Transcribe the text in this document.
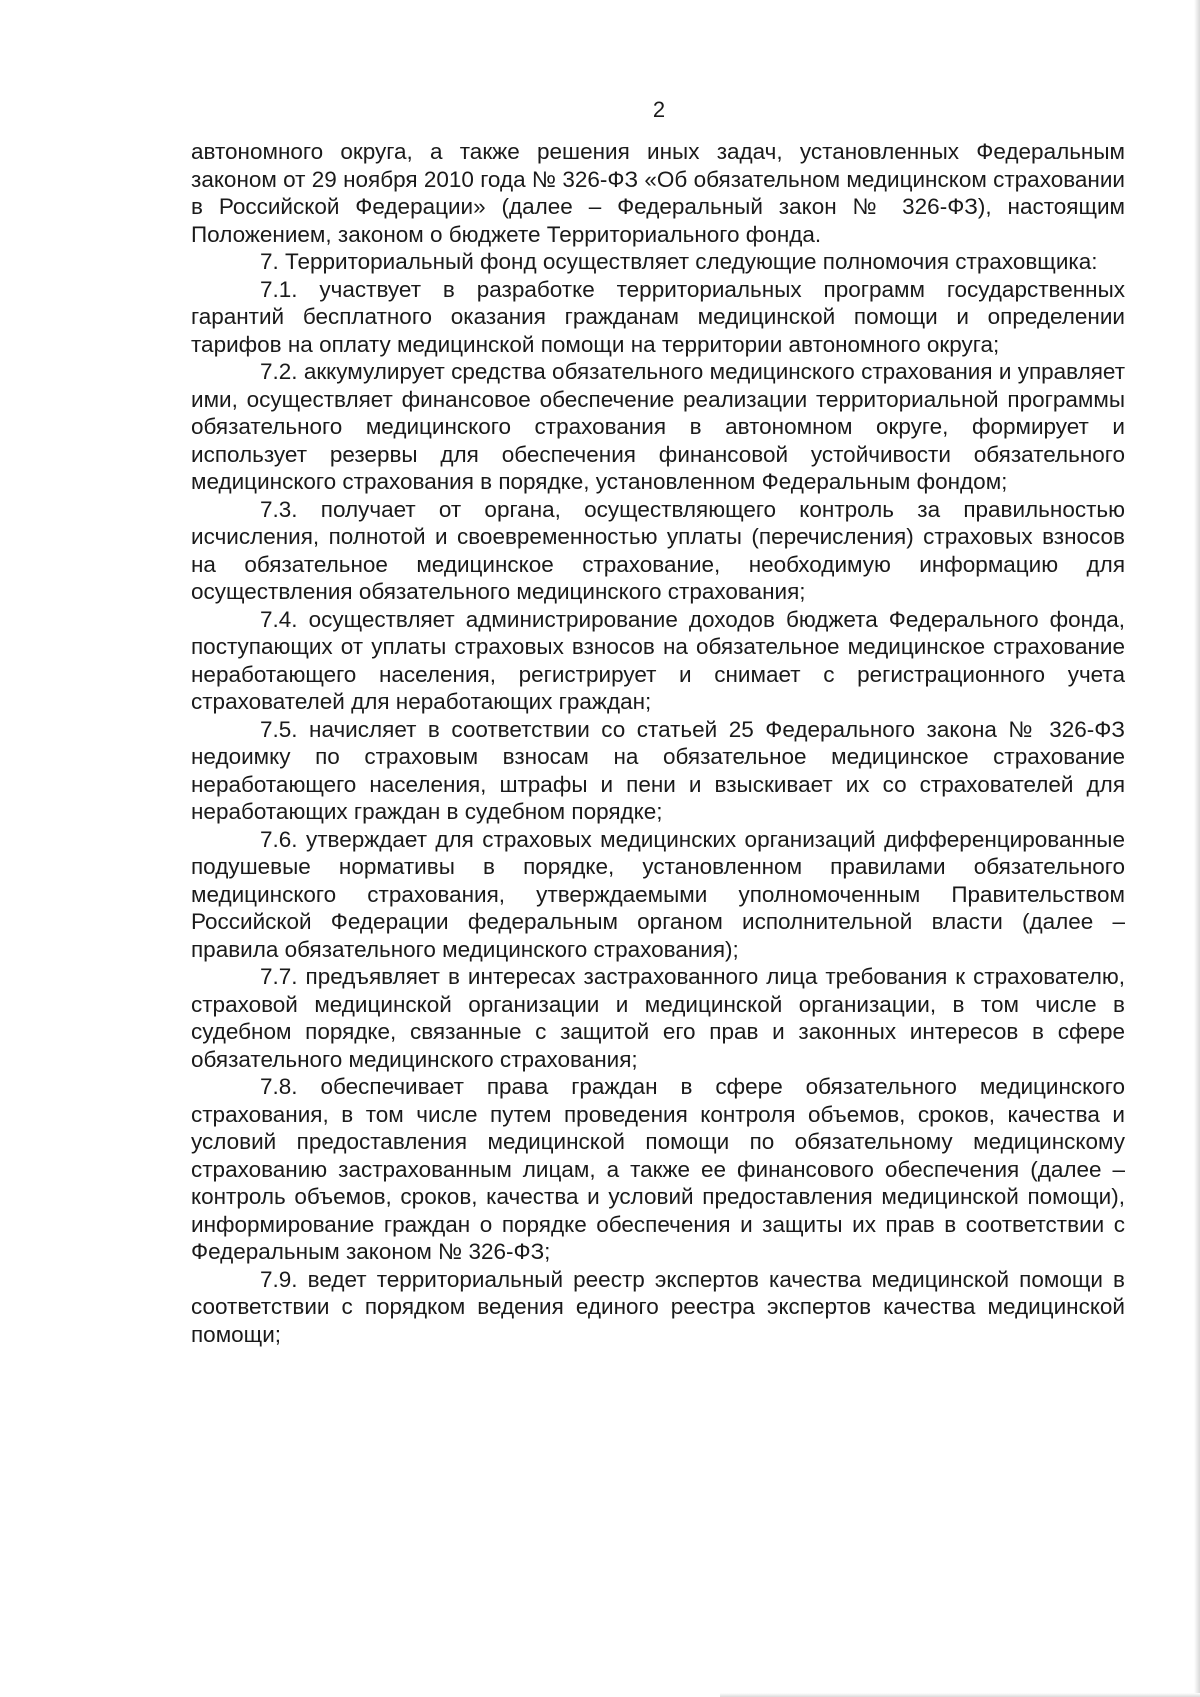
2

автономного округа, а также решения иных задач, установленных Федеральным законом от 29 ноября 2010 года № 326-ФЗ «Об обязательном медицинском страховании в Российской Федерации» (далее – Федеральный закон № 326-ФЗ), настоящим Положением, законом о бюджете Территориального фонда.

7. Территориальный фонд осуществляет следующие полномочия страховщика:

7.1. участвует в разработке территориальных программ государственных гарантий бесплатного оказания гражданам медицинской помощи и определении тарифов на оплату медицинской помощи на территории автономного округа;

7.2. аккумулирует средства обязательного медицинского страхования и управляет ими, осуществляет финансовое обеспечение реализации территориальной программы обязательного медицинского страхования в автономном округе, формирует и использует резервы для обеспечения финансовой устойчивости обязательного медицинского страхования в порядке, установленном Федеральным фондом;

7.3. получает от органа, осуществляющего контроль за правильностью исчисления, полнотой и своевременностью уплаты (перечисления) страховых взносов на обязательное медицинское страхование, необходимую информацию для осуществления обязательного медицинского страхования;

7.4. осуществляет администрирование доходов бюджета Федерального фонда, поступающих от уплаты страховых взносов на обязательное медицинское страхование неработающего населения, регистрирует и снимает с регистрационного учета страхователей для неработающих граждан;

7.5. начисляет в соответствии со статьей 25 Федерального закона № 326-ФЗ недоимку по страховым взносам на обязательное медицинское страхование неработающего населения, штрафы и пени и взыскивает их со страхователей для неработающих граждан в судебном порядке;

7.6. утверждает для страховых медицинских организаций дифференцированные подушевые нормативы в порядке, установленном правилами обязательного медицинского страхования, утверждаемыми уполномоченным Правительством Российской Федерации федеральным органом исполнительной власти (далее – правила обязательного медицинского страхования);

7.7. предъявляет в интересах застрахованного лица требования к страхователю, страховой медицинской организации и медицинской организации, в том числе в судебном порядке, связанные с защитой его прав и законных интересов в сфере обязательного медицинского страхования;

7.8. обеспечивает права граждан в сфере обязательного медицинского страхования, в том числе путем проведения контроля объемов, сроков, качества и условий предоставления медицинской помощи по обязательному медицинскому страхованию застрахованным лицам, а также ее финансового обеспечения (далее – контроль объемов, сроков, качества и условий предоставления медицинской помощи), информирование граждан о порядке обеспечения и защиты их прав в соответствии с Федеральным законом № 326-ФЗ;

7.9. ведет территориальный реестр экспертов качества медицинской помощи в соответствии с порядком ведения единого реестра экспертов качества медицинской помощи;
